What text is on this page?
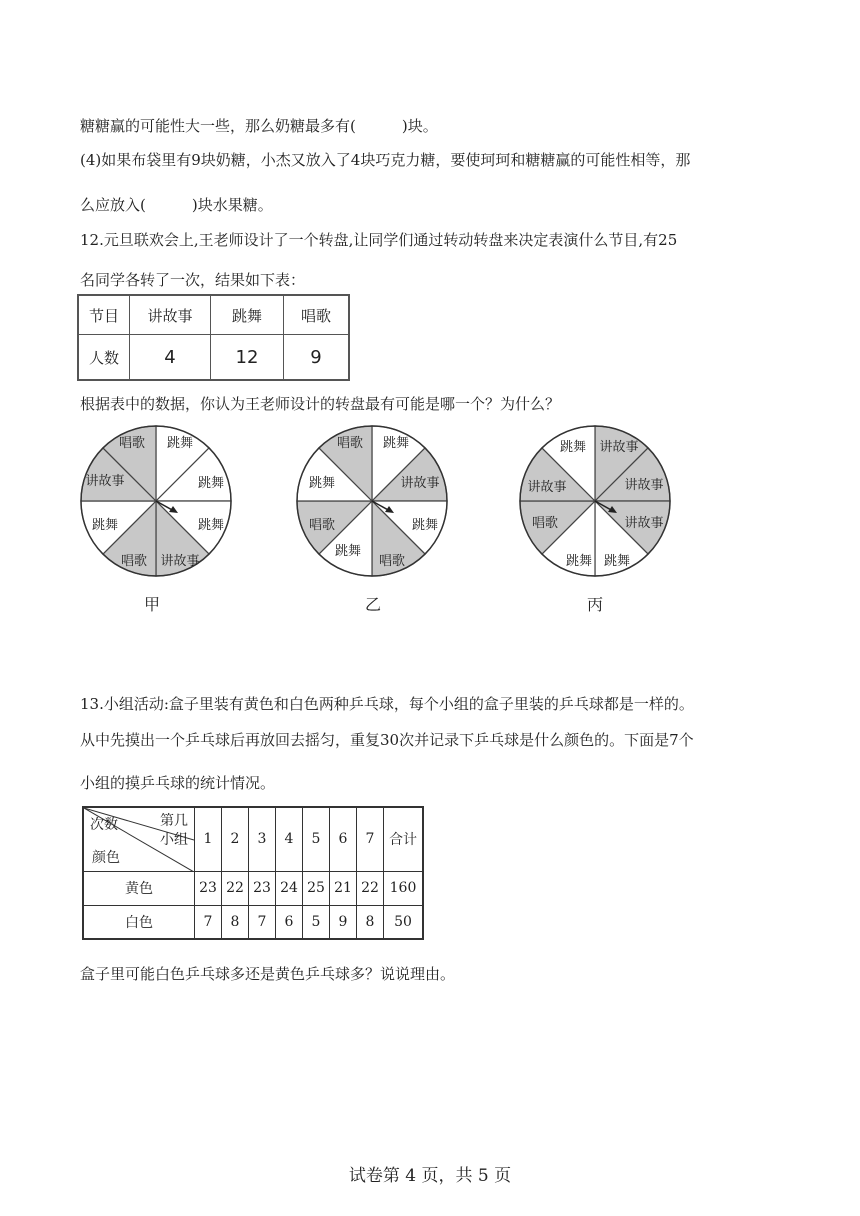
糖糖赢的可能性大一些，那么奶糖最多有(	)块。
(4)如果布袋里有9块奶糖，小杰又放入了4块巧克力糖，要使珂珂和糖糖赢的可能性相等，那
么应放入(	)块水果糖。
12.元旦联欢会上,王老师设计了一个转盘,让同学们通过转动转盘来决定表演什么节目,有25
名同学各转了一次，结果如下表：
节目	讲故事	跳舞	唱歌
人数	4	12	9
根据表中的数据，你认为王老师设计的转盘最有可能是哪一个？为什么？
唱歌 跳舞
跳舞
跳舞
讲故事
唱歌
跳舞
讲故事
甲
唱歌 跳舞
讲故事
跳舞
唱歌
跳舞
唱歌
跳舞
乙
跳舞 讲故事
讲故事
讲故事
讲故事
唱歌
跳舞 跳舞
丙
13.小组活动:盒子里装有黄色和白色两种乒乓球，每个小组的盒子里装的乒乓球都是一样的。
从中先摸出一个乒乓球后再放回去摇匀，重复30次并记录下乒乓球是什么颜色的。下面是7个
小组的摸乒乓球的统计情况。
第几
小组
次数
颜色	1	2	3	4	5	6	7	合计
黄色	23	22	23	24	25	21	22	160
白色	7	8	7	6	5	9	8	50
盒子里可能白色乒乓球多还是黄色乒乓球多？说说理由。
试卷第 4 页，共 5 页
